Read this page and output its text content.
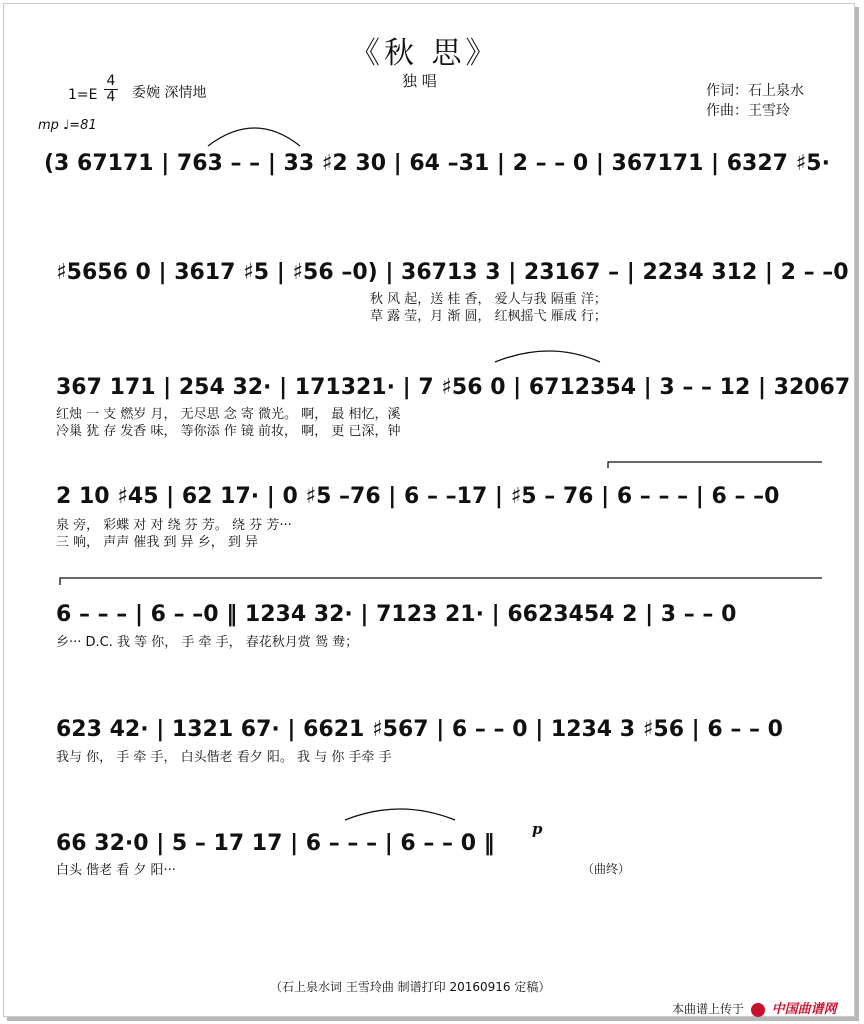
《秋 思》
独 唱
1=E
4
4 委婉 深情地
mp ♩=81
作词：石上泉水
作曲：王雪玲
(3 67171 | 763 – – | 33 ♯2 30 | 64 –31 | 2 – – 0 | 367171 | 6327 ♯5·
♯5656 0 | 3617 ♯5 | ♯56 –0) | 36713 3 | 23167 – | 2234 312 | 2 – –0
秋 风 起，送 桂 香， 爱人与我 隔重 洋；
草 露 莹，月 渐 圆， 红枫摇弋 雁成 行；
367 171 | 254 32· | 171321· | 7 ♯56 0 | 6712354 | 3 – – 12 | 32067
红烛 一 支 燃岁 月， 无尽思 念 寄 微光。 啊， 最 相忆，溪
冷巢 犹 存 发香 味， 等你添 作 镜 前妆， 啊， 更 已深，钟
2 10 ♯45 | 62 17· | 0 ♯5 –76 | 6 – –17 | ♯5 – 76 | 6 – – – | 6 – –0
泉 旁， 彩蝶 对 对 绕 芬 芳。 绕 芬 芳···
三 响， 声声 催我 到 异 乡， 到 异
6 – – – | 6 – –0 ‖ 1234 32· | 7123 21· | 6623454 2 | 3 – – 0
乡··· D.C. 我 等 你， 手 牵 手， 春花秋月赏 鸳 鸯；
623 42· | 1321 67· | 6621 ♯567 | 6 – – 0 | 1234 3 ♯56 | 6 – – 0
我与 你， 手 牵 手， 白头偕老 看夕 阳。 我 与 你 手牵 手
66 32·0 | 5 – 17 17 | 6 – – – | 6 – – 0 ‖
白头 偕老 看 夕 阳···
p
（曲终）
（石上泉水词 王雪玲曲 制谱打印 20160916 定稿）
本曲谱上传于 中国曲谱网
